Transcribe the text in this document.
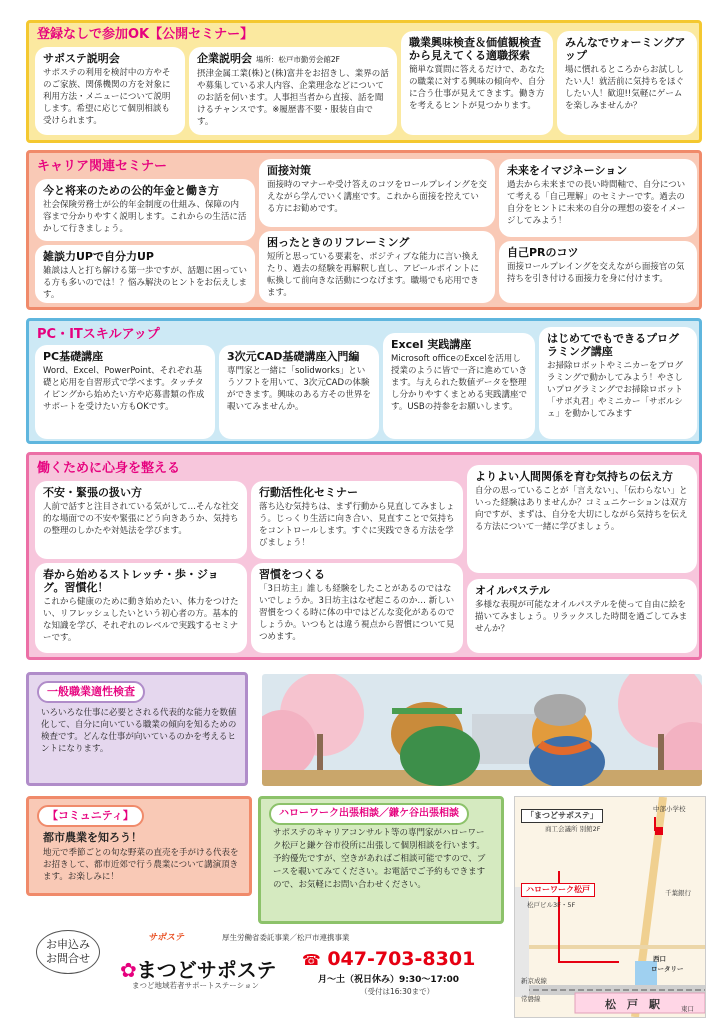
登録なしで参加OK【公開セミナー】
サポステ説明会

サポステの利用を検討中の方やそのご家族、関係機関の方を対象に利用方法・メニューについて説明します。希望に応じて個別相談も受けられます。

企業説明会 場所：松戸市勤労会館2F

摂津金属工業(株)と(株)富井をお招きし、業界の話や募集している求人内容、企業理念などについてのお話を伺います。人事担当者から直接、話を聞けるチャンスです。※履歴書不要・服装自由です。

職業興味検査＆価値観検査から見えてくる適職探索

簡単な質問に答えるだけで、あなたの職業に対する興味の傾向や、自分に合う仕事が見えてきます。働き方を考えるヒントが見つかります。

みんなでウォーミングアップ

場に慣れるところからお試ししたい人！就活前に気持ちをほぐしたい人！歓迎!!気軽にゲームを楽しみませんか？

キャリア関連セミナー
今と将来のための公的年金と働き方

社会保険労務士が公的年金制度の仕組み、保障の内容まで分かりやすく説明します。これからの生活に活かして行きましょう。

面接対策

面接時のマナーや受け答えのコツをロールプレイングを交えながら学んでいく講座です。これから面接を控えている方にお勧めです。

未来をイマジネーション

過去から未来までの長い時間軸で、自分について考える「自己理解」のセミナーです。過去の自分をヒントに未来の自分の理想の姿をイメージしてみよう！

雑談力UPで自分力UP

雑談は人と打ち解ける第一歩ですが、話題に困っている方も多いのでは！？悩み解決のヒントをお伝えします。

困ったときのリフレーミング

短所と思っている要素を、ポジティブな能力に言い換えたり、過去の経験を再解釈し直し、アピールポイントに転換して前向きな活動につなげます。職場でも応用できます。

自己PRのコツ

面接ロールプレイングを交えながら面接官の気持ちを引き付ける面接力を身に付けます。

PC・ITスキルアップ
PC基礎講座

Word、Excel、PowerPoint、それぞれ基礎と応用を自習形式で学べます。タッチタイピングから始めたい方や応募書類の作成サポートを受けたい方もOKです。

3次元CAD基礎講座入門編

専門家と一緒に「solidworks」というソフトを用いて、3次元CADの体験ができます。興味のある方その世界を覗いてみませんか。

Excel 実践講座

Microsoft officeのExcelを活用し授業のように皆で一斉に進めていきます。与えられた数値データを整理し分かりやすくまとめる実践講座です。USBの持参をお願いします。

はじめてでもできるプログラミング講座

お掃除ロボットやミニカーをプログラミングで動かしてみよう！やさしいプログラミングでお掃除ロボット「サボ丸君」やミニカー「サボルシェ」を動かしてみます

働くために心身を整える
不安・緊張の扱い方

人前で話すと注目されている気がして…そんな社交的な場面での不安や緊張にどう向きあうか、気持ちの整理のしかたや対処法を学びます。

行動活性化セミナー

落ち込む気持ちは、まず行動から見直してみましょう。じっくり生活に向き合い、見直すことで気持ちをコントロールします。すぐに実践できる方法を学びましょう！

よりよい人間関係を育む気持ちの伝え方

自分の思っていることが「言えない」、「伝わらない」といった経験はありませんか？コミュニケーションは双方向ですが、まずは、自分を大切にしながら気持ちを伝える方法について一緒に学びましょう。

春から始めるストレッチ・歩・ジョグ。習慣化！

これから健康のために動き始めたい、体力をつけたい、リフレッシュしたいという初心者の方。基本的な知識を学び、それぞれのレベルで実践するセミナーです。

習慣をつくる

「3日坊主」誰しも経験をしたことがあるのではないでしょうか。3日坊主はなぜ起こるのか… 新しい習慣をつくる時に体の中ではどんな変化があるのでしょうか。いつもとは違う視点から習慣について見つめます。

オイルパステル

多様な表現が可能なオイルパステルを使って自由に絵を描いてみましょう。リラックスした時間を過ごしてみませんか？

一般職業適性検査

いろいろな仕事に必要とされる代表的な能力を数値化して、自分に向いている職業の傾向を知るための検査です。どんな仕事が向いているのかを考えるヒントになります。

【コミュニティ】
都市農業を知ろう！

地元で季節ごとの旬な野菜の直売を手がける代表をお招きして、都市近郊で行う農業について講演頂きます。お楽しみに！

ハローワーク出張相談／鎌ケ谷出張相談

サポステのキャリアコンサルト等の専門家がハローワーク松戸と鎌ケ谷市役所に出張して個別相談を行います。予約優先ですが、空きがあればご相談可能ですので、ブースを覗いてみてください。お電話でご予約もできますので、お気軽にお問い合わせください。

「まつどサポステ」
商工会議所 別館2F
中部小学校
ハローワーク松戸
松戸ビル3F・5F
千葉銀行
西口
ロータリー
新京成線
常磐線	松　戸　駅	東口
お申込み
お問合せ
サポステ	厚生労働省委託事業／松戸市連携事業
✿まつどサポステ
まつど地域若者サポートステーション
☎ 047-703-8301
月〜土（祝日休み）9:30〜17:00
（受付は16:30まで）
